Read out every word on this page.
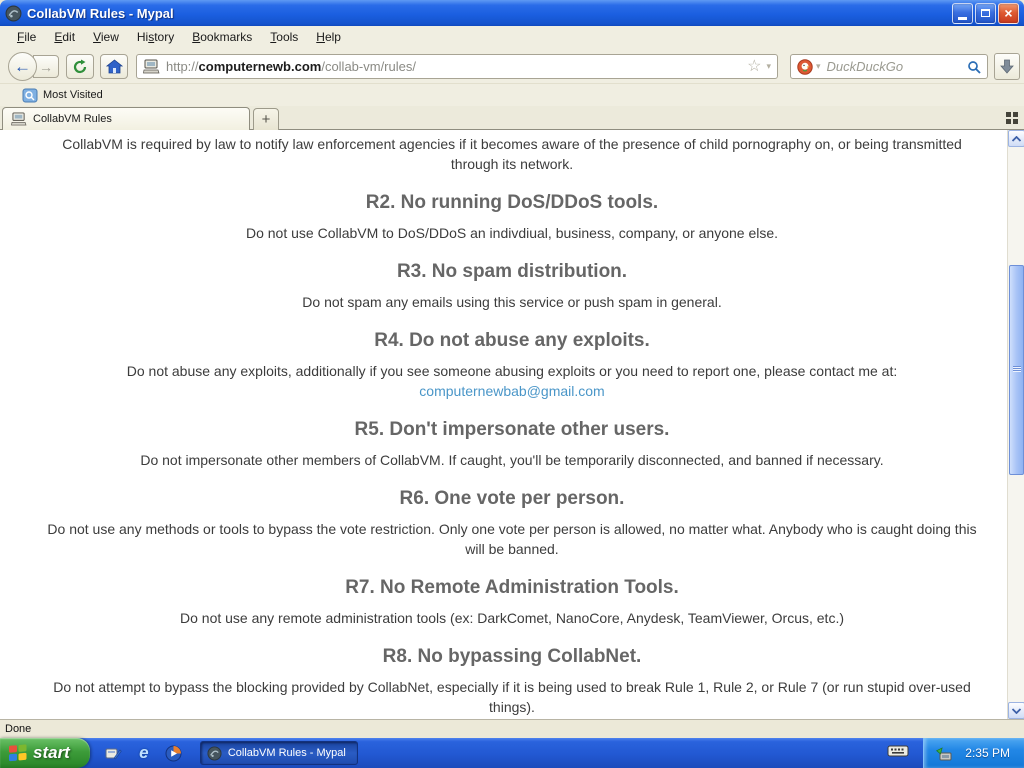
CollabVM Rules - Mypal	×
File	Edit	View	History	Bookmarks	Tools	Help
← →	http:// computernewb.com /collab-vm/rules/	☆ ▾	▾ DuckDuckGo
Most Visited
CollabVM Rules	+

CollabVM is required by law to notify law enforcement agencies if it becomes aware of the presence of child pornography on, or being transmitted through its network.

R2. No running DoS/DDoS tools.

Do not use CollabVM to DoS/DDoS an indivdiual, business, company, or anyone else.

R3. No spam distribution.

Do not spam any emails using this service or push spam in general.

R4. Do not abuse any exploits.

Do not abuse any exploits, additionally if you see someone abusing exploits or you need to report one, please contact me at: computernewbab@gmail.com

R5. Don't impersonate other users.

Do not impersonate other members of CollabVM. If caught, you'll be temporarily disconnected, and banned if necessary.

R6. One vote per person.

Do not use any methods or tools to bypass the vote restriction. Only one vote per person is allowed, no matter what. Anybody who is caught doing this will be banned.

R7. No Remote Administration Tools.

Do not use any remote administration tools (ex: DarkComet, NanoCore, Anydesk, TeamViewer, Orcus, etc.)

R8. No bypassing CollabNet.

Do not attempt to bypass the blocking provided by CollabNet, especially if it is being used to break Rule 1, Rule 2, or Rule 7 (or run stupid over-used things).

Done
start	e	CollabVM Rules - Mypal	2:35 PM
